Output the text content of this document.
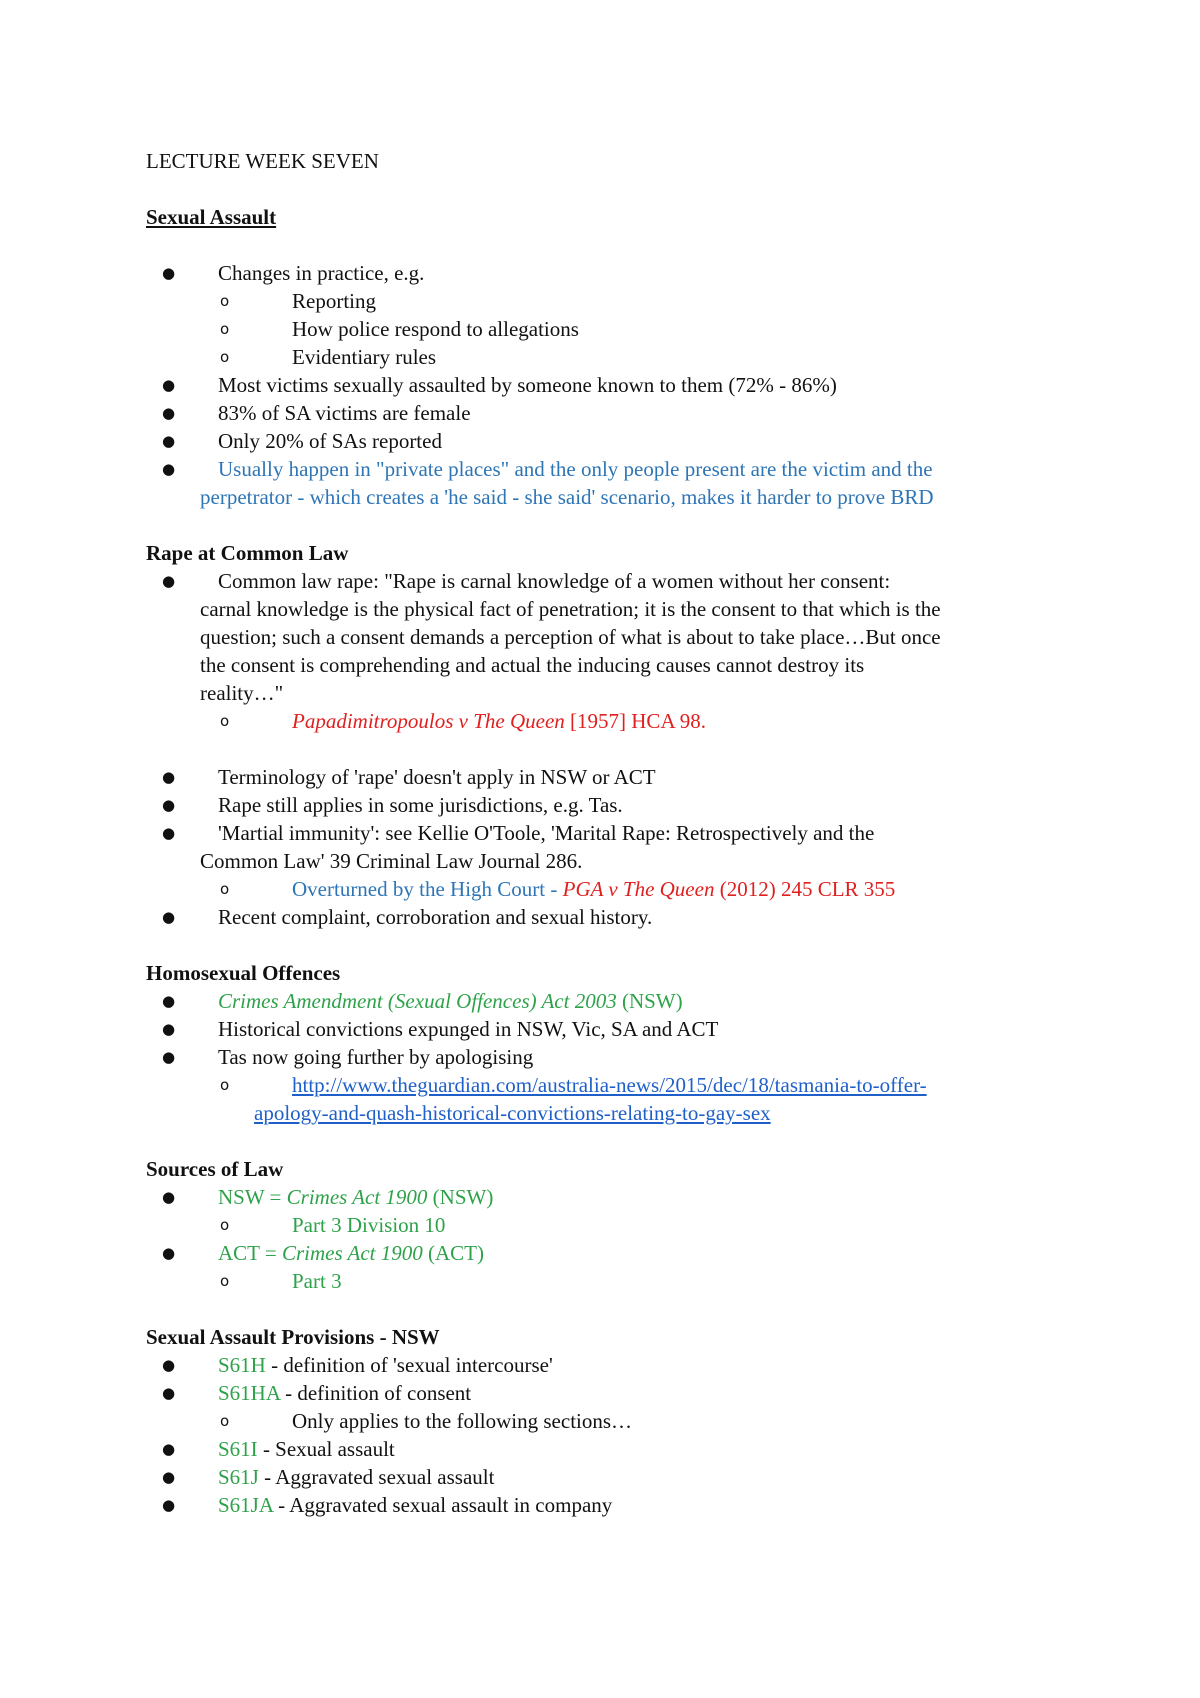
LECTURE WEEK SEVEN
Sexual Assault
● Changes in practice, e.g.
o	Reporting
o	How police respond to allegations
o	Evidentiary rules
● Most victims sexually assaulted by someone known to them (72% - 86%)
● 83% of SA victims are female
● Only 20% of SAs reported
● Usually happen in "private places" and the only people present are the victim and the
perpetrator - which creates a 'he said - she said' scenario, makes it harder to prove BRD
Rape at Common Law
● Common law rape: "Rape is carnal knowledge of a women without her consent:
carnal knowledge is the physical fact of penetration; it is the consent to that which is the
question; such a consent demands a perception of what is about to take place…But once
the consent is comprehending and actual the inducing causes cannot destroy its
reality…"
o	Papadimitropoulos v The Queen [1957] HCA 98.
● Terminology of 'rape' doesn't apply in NSW or ACT
● Rape still applies in some jurisdictions, e.g. Tas.
● 'Martial immunity': see Kellie O'Toole, 'Marital Rape: Retrospectively and the
Common Law' 39 Criminal Law Journal 286.
o	Overturned by the High Court - PGA v The Queen (2012) 245 CLR 355
● Recent complaint, corroboration and sexual history.
Homosexual Offences
● Crimes Amendment (Sexual Offences) Act 2003 (NSW)
● Historical convictions expunged in NSW, Vic, SA and ACT
● Tas now going further by apologising
o	http://www.theguardian.com/australia-news/2015/dec/18/tasmania-to-offer-
apology-and-quash-historical-convictions-relating-to-gay-sex
Sources of Law
● NSW = Crimes Act 1900 (NSW)
o	Part 3 Division 10
● ACT = Crimes Act 1900 (ACT)
o	Part 3
Sexual Assault Provisions - NSW
● S61H - definition of 'sexual intercourse'
● S61HA - definition of consent
o	Only applies to the following sections…
● S61I - Sexual assault
● S61J - Aggravated sexual assault
● S61JA - Aggravated sexual assault in company
